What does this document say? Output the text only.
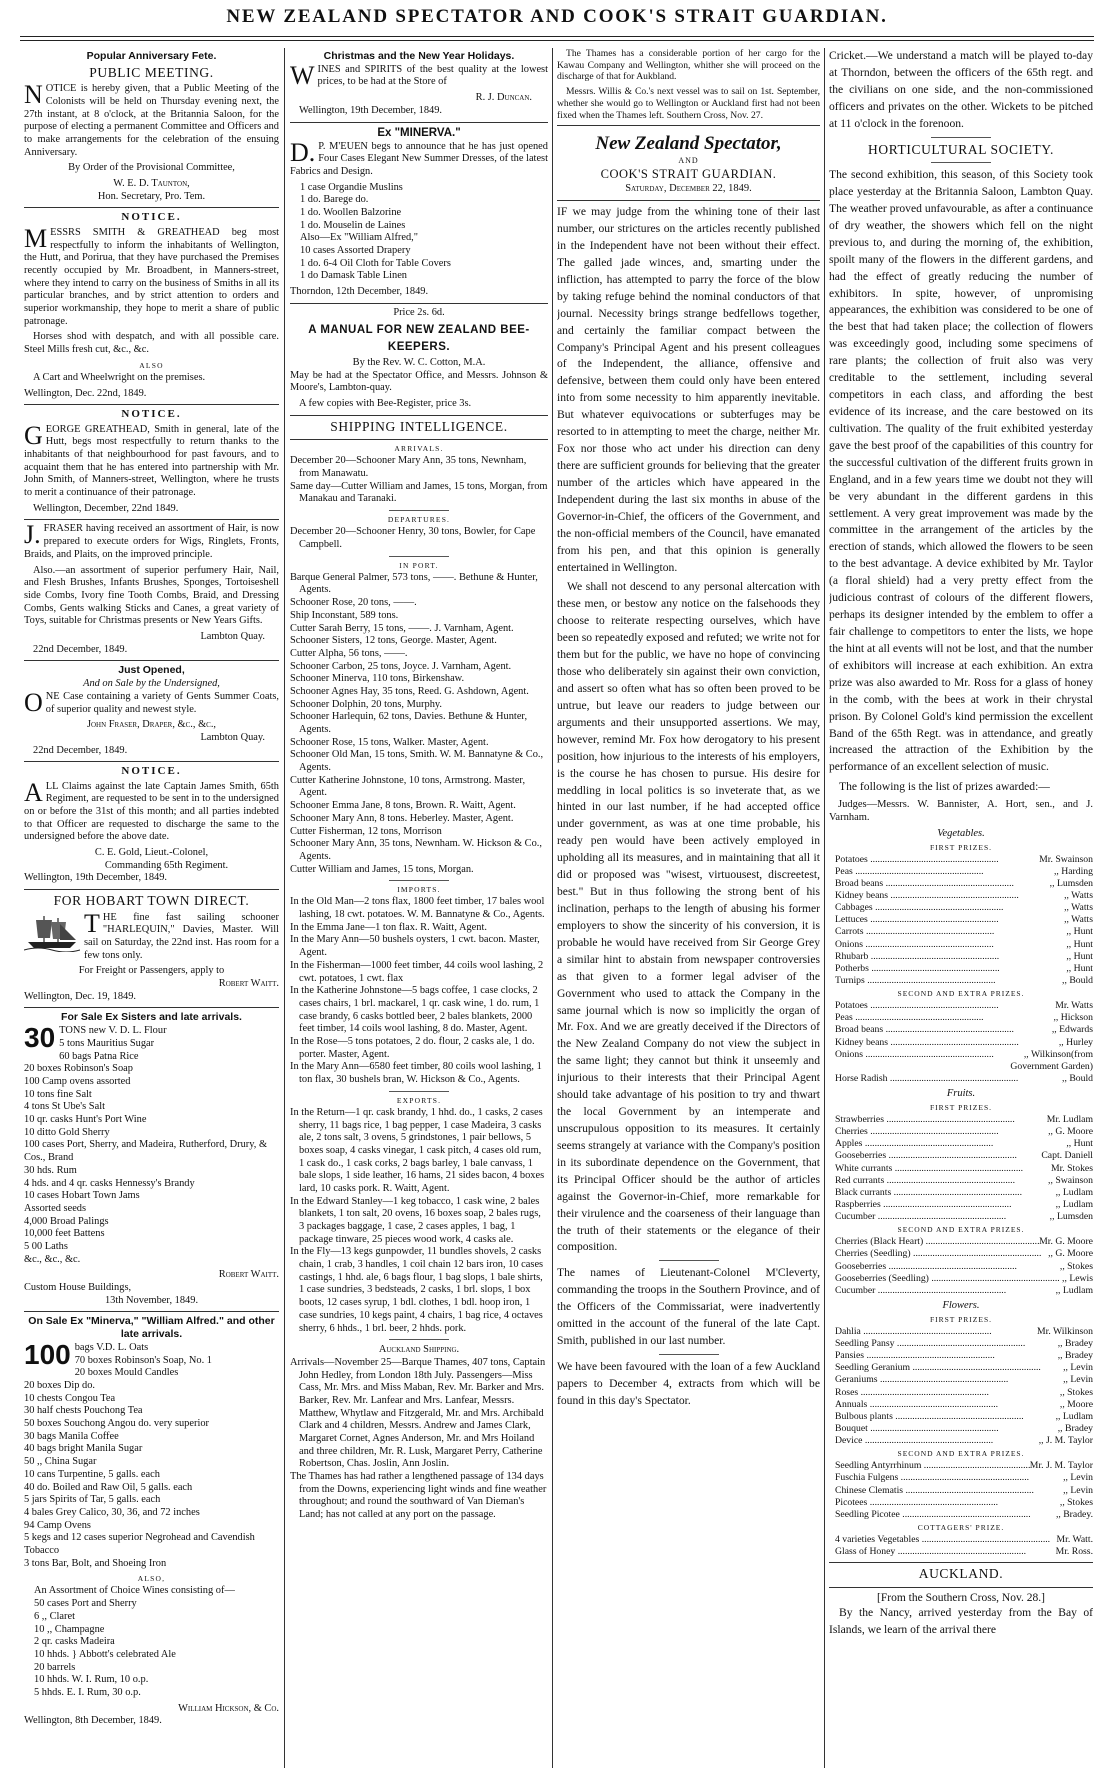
NEW ZEALAND SPECTATOR AND COOK'S STRAIT GUARDIAN.
Popular Anniversary Fete.
PUBLIC MEETING.

NOTICE is hereby given, that a Public Meeting of the Colonists will be held on Thursday evening next, the 27th instant, at 8 o'clock, at the Britannia Saloon, for the purpose of electing a permanent Committee and Officers and to make arrangements for the celebration of the ensuing Anniversary.

By Order of the Provisional Committee,

W. E. D. Taunton,
Hon. Secretary, Pro. Tem.
NOTICE.

MESSRS SMITH & GREATHEAD beg most respectfully to inform the inhabitants of Wellington, the Hutt, and Porirua, that they have purchased the Premises recently occupied by Mr. Broadbent, in Manners-street, where they intend to carry on the business of Smiths in all its particular branches, and by strict attention to orders and superior workmanship, they hope to merit a share of public patronage.

Horses shod with despatch, and with all possible care. Steel Mills fresh cut, &c., &c.

ALSO

A Cart and Wheelwright on the premises.

Wellington, Dec. 22nd, 1849.

NOTICE.

GEORGE GREATHEAD, Smith in general, late of the Hutt, begs most respectfully to return thanks to the inhabitants of that neighbourhood for past favours, and to acquaint them that he has entered into partnership with Mr. John Smith, of Manners-street, Wellington, where he trusts to merit a continuance of their patronage.

Wellington, December, 22nd 1849.

J. FRASER having received an assortment of Hair, is now prepared to execute orders for Wigs, Ringlets, Fronts, Braids, and Plaits, on the improved principle.

Also.—an assortment of superior perfumery Hair, Nail, and Flesh Brushes, Infants Brushes, Sponges, Tortoiseshell side Combs, Ivory fine Tooth Combs, Braid, and Dressing Combs, Gents walking Sticks and Canes, a great variety of Toys, suitable for Christmas presents or New Years Gifts.

Lambton Quay.

22nd December, 1849.

Just Opened,
And on Sale by the Undersigned,

ONE Case containing a variety of Gents Summer Coats, of superior quality and newest style.

John Fraser, Draper, &c., &c.,
Lambton Quay.

22nd December, 1849.

NOTICE.

ALL Claims against the late Captain James Smith, 65th Regiment, are requested to be sent in to the undersigned on or before the 31st of this month; and all parties indebted to that Officer are requested to discharge the same to the undersigned before the above date.

C. E. Gold, Lieut.-Colonel,
Commanding 65th Regiment.

Wellington, 19th December, 1849.

FOR HOBART TOWN DIRECT.

THE fine fast sailing schooner "HARLEQUIN," Davies, Master. Will sail on Saturday, the 22nd inst. Has room for a few tons only.

For Freight or Passengers, apply to
Robert Waitt.

Wellington, Dec. 19, 1849.

For Sale Ex Sisters and late arrivals.
30 TONS new V. D. L. Flour
5 tons Mauritius Sugar
60 bags Patna Rice
20 boxes Robinson's Soap
100 Camp ovens assorted
10 tons fine Salt
4 tons St Ube's Salt
10 qr. casks Hunt's Port Wine
10 ditto Gold Sherry
100 cases Port, Sherry, and Madeira, Rutherford, Drury, & Cos., Brand
30 hds. Rum
4 hds. and 4 qr. casks Hennessy's Brandy
10 cases Hobart Town Jams
Assorted seeds
4,000 Broad Palings
10,000 feet Battens
5 00 Laths
&c., &c., &c.
Robert Waitt.
Custom House Buildings,
13th November, 1849.
On Sale Ex "Minerva," "William Alfred." and other late arrivals.
100 bags V.D. L. Oats
70 boxes Robinson's Soap, No. 1
20 boxes Mould Candles
20 boxes Dip do.
10 chests Congou Tea
30 half chests Pouchong Tea
50 boxes Souchong Angou do. very superior
30 bags Manila Coffee
40 bags bright Manila Sugar
50 ,, China Sugar
10 cans Turpentine, 5 galls. each
40 do. Boiled and Raw Oil, 5 galls. each
5 jars Spirits of Tar, 5 galls. each
4 bales Grey Calico, 30, 36, and 72 inches
94 Camp Ovens
5 kegs and 12 cases superior Negrohead and Cavendish Tobacco
3 tons Bar, Bolt, and Shoeing Iron
ALSO,
An Assortment of Choice Wines consisting of—
50 cases Port and Sherry
6 ,, Claret
10 ,, Champagne
2 qr. casks Madeira
10 hhds. } Abbott's celebrated Ale
20 barrels
10 hhds. W. I. Rum, 10 o.p.
5 hhds. E. I. Rum, 30 o.p.
William Hickson, & Co.
Wellington, 8th December, 1849.
Christmas and the New Year Holidays.

WINES and SPIRITS of the best quality at the lowest prices, to be had at the Store of

R. J. Duncan.

Wellington, 19th December, 1849.

Ex "MINERVA."

D. P. M'EUEN begs to announce that he has just opened Four Cases Elegant New Summer Dresses, of the latest Fabrics and Design.

1 case Organdie Muslins
1 do. Barege do.
1 do. Woollen Balzorine
1 do. Mouselin de Laines
Also—Ex "William Alfred,"
10 cases Assorted Drapery
1 do. 6-4 Oil Cloth for Table Covers
1 do Damask Table Linen
Thorndon, 12th December, 1849.
Price 2s. 6d.
A MANUAL FOR NEW ZEALAND BEE-KEEPERS.
By the Rev. W. C. Cotton, M.A.

May be had at the Spectator Office, and Messrs. Johnson & Moore's, Lambton-quay.

A few copies with Bee-Register, price 3s.

SHIPPING INTELLIGENCE.
ARRIVALS.
December 20—Schooner Mary Ann, 35 tons, Newnham, from Manawatu.
Same day—Cutter William and James, 15 tons, Morgan, from Manakau and Taranaki.
DEPARTURES.
December 20—Schooner Henry, 30 tons, Bowler, for Cape Campbell.
IN PORT.
Barque General Palmer, 573 tons, ——. Bethune & Hunter, Agents.
Schooner Rose, 20 tons, ——.
Ship Inconstant, 589 tons.
Cutter Sarah Berry, 15 tons, ——. J. Varnham, Agent.
Schooner Sisters, 12 tons, George. Master, Agent.
Cutter Alpha, 56 tons, ——.
Schooner Carbon, 25 tons, Joyce. J. Varnham, Agent.
Schooner Minerva, 110 tons, Birkenshaw.
Schooner Agnes Hay, 35 tons, Reed. G. Ashdown, Agent.
Schooner Dolphin, 20 tons, Murphy.
Schooner Harlequin, 62 tons, Davies. Bethune & Hunter, Agents.
Schooner Rose, 15 tons, Walker. Master, Agent.
Schooner Old Man, 15 tons, Smith. W. M. Bannatyne & Co., Agents.
Cutter Katherine Johnstone, 10 tons, Armstrong. Master, Agent.
Schooner Emma Jane, 8 tons, Brown. R. Waitt, Agent.
Schooner Mary Ann, 8 tons. Heberley. Master, Agent.
Cutter Fisherman, 12 tons, Morrison
Schooner Mary Ann, 35 tons, Newnham. W. Hickson & Co., Agents.
Cutter William and James, 15 tons, Morgan.
IMPORTS.
In the Old Man—2 tons flax, 1800 feet timber, 17 bales wool lashing, 18 cwt. potatoes. W. M. Bannatyne & Co., Agents.
In the Emma Jane—1 ton flax. R. Waitt, Agent.
In the Mary Ann—50 bushels oysters, 1 cwt. bacon. Master, Agent.
In the Fisherman—1000 feet timber, 44 coils wool lashing, 2 cwt. potatoes, 1 cwt. flax
In the Katherine Johnstone—5 bags coffee, 1 case clocks, 2 cases chairs, 1 brl. mackarel, 1 qr. cask wine, 1 do. rum, 1 case brandy, 6 casks bottled beer, 2 bales blankets, 2000 feet timber, 14 coils wool lashing, 8 do. Master, Agent.
In the Rose—5 tons potatoes, 2 do. flour, 2 casks ale, 1 do. porter. Master, Agent.
In the Mary Ann—6580 feet timber, 80 coils wool lashing, 1 ton flax, 30 bushels bran, W. Hickson & Co., Agents.
EXPORTS.
In the Return—1 qr. cask brandy, 1 hhd. do., 1 casks, 2 cases sherry, 11 bags rice, 1 bag pepper, 1 case Madeira, 3 casks ale, 2 tons salt, 3 ovens, 5 grindstones, 1 pair bellows, 5 boxes soap, 4 casks vinegar, 1 cask pitch, 4 cases old rum, 1 cask do., 1 cask corks, 2 bags barley, 1 bale canvass, 1 bale slops, 1 side leather, 16 hams, 21 sides bacon, 4 boxes lard, 10 casks pork. R. Waitt, Agent.
In the Edward Stanley—1 keg tobacco, 1 cask wine, 2 bales blankets, 1 ton salt, 20 ovens, 16 boxes soap, 2 bales rugs, 3 packages baggage, 1 case, 2 cases apples, 1 bag, 1 package tinware, 25 pieces wood work, 4 casks ale.
In the Fly—13 kegs gunpowder, 11 bundles shovels, 2 casks chain, 1 crab, 3 handles, 1 coil chain 12 bars iron, 10 cases castings, 1 hhd. ale, 6 bags flour, 1 bag slops, 1 bale shirts, 1 case sundries, 3 bedsteads, 2 casks, 1 brl. slops, 1 box boots, 12 cases syrup, 1 bdl. clothes, 1 bdl. hoop iron, 1 case sundries, 10 kegs paint, 4 chairs, 1 bag rice, 4 octaves sherry, 6 hhds., 1 brl. beer, 2 hhds. pork.
Auckland Shipping.
Arrivals—November 25—Barque Thames, 407 tons, Captain John Hedley, from London 18th July. Passengers—Miss Cass, Mr. Mrs. and Miss Maban, Rev. Mr. Barker and Mrs. Barker, Rev. Mr. Lanfear and Mrs. Lanfear, Messrs. Matthew, Whytlaw and Fitzgerald, Mr. and Mrs. Archibald Clark and 4 children, Messrs. Andrew and James Clark, Margaret Cornet, Agnes Anderson, Mr. and Mrs Hoiland and three children, Mr. R. Lusk, Margaret Perry, Catherine Robertson, Chas. Joslin, Ann Joslin.
The Thames has had rather a lengthened passage of 134 days from the Downs, experiencing light winds and fine weather throughout; and round the southward of Van Dieman's Land; has not called at any port on the passage.

The Thames has a considerable portion of her cargo for the Kawau Company and Wellington, whither she will proceed on the discharge of that for Aukbland.

Messrs. Willis & Co.'s next vessel was to sail on 1st. September, whether she would go to Wellington or Auckland first had not been fixed when the Thames left. Southern Cross, Nov. 27.

New Zealand Spectator,
AND
COOK'S STRAIT GUARDIAN.
Saturday, December 22, 1849.

IF we may judge from the whining tone of their last number, our strictures on the articles recently published in the Independent have not been without their effect. The galled jade winces, and, smarting under the infliction, has attempted to parry the force of the blow by taking refuge behind the nominal conductors of that journal. Necessity brings strange bedfellows together, and certainly the familiar compact between the Company's Principal Agent and his present colleagues of the Independent, the alliance, offensive and defensive, between them could only have been entered into from some necessity to him apparently inevitable. But whatever equivocations or subterfuges may be resorted to in attempting to meet the charge, neither Mr. Fox nor those who act under his direction can deny there are sufficient grounds for believing that the greater number of the articles which have appeared in the Independent during the last six months in abuse of the Governor-in-Chief, the officers of the Government, and the non-official members of the Council, have emanated from his pen, and that this opinion is generally entertained in Wellington.

We shall not descend to any personal altercation with these men, or bestow any notice on the falsehoods they choose to reiterate respecting ourselves, which have been so repeatedly exposed and refuted; we write not for them but for the public, we have no hope of convincing those who deliberately sin against their own conviction, and assert so often what has so often been proved to be untrue, but leave our readers to judge between our arguments and their unsupported assertions. We may, however, remind Mr. Fox how derogatory to his present position, how injurious to the interests of his employers, is the course he has chosen to pursue. His desire for meddling in local politics is so inveterate that, as we hinted in our last number, if he had accepted office under government, as was at one time probable, his ready pen would have been actively employed in upholding all its measures, and in maintaining that all it did or proposed was "wisest, virtuousest, discreetest, best." But in thus following the strong bent of his inclination, perhaps to the length of abusing his former employers to show the sincerity of his conversion, it is probable he would have received from Sir George Grey a similar hint to abstain from newspaper controversies as that given to a former legal adviser of the Government who used to attack the Company in the same journal which is now so implicitly the organ of Mr. Fox. And we are greatly deceived if the Directors of the New Zealand Company do not view the subject in the same light; they cannot but think it unseemly and injurious to their interests that their Principal Agent should take advantage of his position to try and thwart the local Government by an intemperate and unscrupulous opposition to its measures. It certainly seems strangely at variance with the Company's position in its subordinate dependence on the Government, that its Principal Officer should be the author of articles against the Governor-in-Chief, more remarkable for their virulence and the coarseness of their language than the truth of their statements or the elegance of their composition.

The names of Lieutenant-Colonel M'Cleverty, commanding the troops in the Southern Province, and of the Officers of the Commissariat, were inadvertently omitted in the account of the funeral of the late Capt. Smith, published in our last number.

We have been favoured with the loan of a few Auckland papers to December 4, extracts from which will be found in this day's Spectator.

Cricket.—We understand a match will be played to-day at Thorndon, between the officers of the 65th regt. and the civilians on one side, and the non-commissioned officers and privates on the other. Wickets to be pitched at 11 o'clock in the forenoon.

HORTICULTURAL SOCIETY.

The second exhibition, this season, of this Society took place yesterday at the Britannia Saloon, Lambton Quay. The weather proved unfavourable, as after a continuance of dry weather, the showers which fell on the night previous to, and during the morning of, the exhibition, spoilt many of the flowers in the different gardens, and had the effect of greatly reducing the number of exhibitors. In spite, however, of unpromising appearances, the exhibition was considered to be one of the best that had taken place; the collection of flowers was exceedingly good, including some specimens of rare plants; the collection of fruit also was very creditable to the settlement, including several competitors in each class, and affording the best evidence of its increase, and the care bestowed on its cultivation. The quality of the fruit exhibited yesterday gave the best proof of the capabilities of this country for the successful cultivation of the different fruits grown in England, and in a few years time we doubt not they will be very abundant in the different gardens in this settlement. A very great improvement was made by the committee in the arrangement of the articles by the erection of stands, which allowed the flowers to be seen to the best advantage. A device exhibited by Mr. Taylor (a floral shield) had a very pretty effect from the judicious contrast of colours of the different flowers, perhaps its designer intended by the emblem to offer a fair challenge to competitors to enter the lists, we hope the hint at all events will not be lost, and that the number of exhibitors will increase at each exhibition. An extra prize was also awarded to Mr. Ross for a glass of honey in the comb, with the bees at work in their chrystal prison. By Colonel Gold's kind permission the excellent Band of the 65th Regt. was in attendance, and greatly increased the attraction of the Exhibition by the performance of an excellent selection of music.

The following is the list of prizes awarded:—

Judges—Messrs. W. Bannister, A. Hort, sen., and J. Varnham.

Vegetables.
FIRST PRIZES.
Potatoes .....	Mr. Swainson
Peas .....	,, Harding
Broad beans .....	,, Lumsden
Kidney beans .....	,, Watts
Cabbages .....	,, Watts
Lettuces .....	,, Watts
Carrots .....	,, Hunt
Onions .....	,, Hunt
Rhubarb .....	,, Hunt
Potherbs .....	,, Hunt
Turnips .....	,, Bould
SECOND AND EXTRA PRIZES.
Potatoes .....	Mr. Watts
Peas .....	,, Hickson
Broad beans .....	,, Edwards
Kidney beans .....	,, Hurley
Onions .....	,, Wilkinson(from
Government Garden)
Horse Radish .....	,, Bould
Fruits.
FIRST PRIZES.
Strawberries .....	Mr. Ludlam
Cherries .....	,, G. Moore
Apples .....	,, Hunt
Gooseberries .....	Capt. Daniell
White currants .....	Mr. Stokes
Red currants .....	,, Swainson
Black currants .....	,, Ludlam
Raspberries .....	,, Ludlam
Cucumber .....	,, Lumsden
SECOND AND EXTRA PRIZES.
Cherries (Black Heart) .....	Mr. G. Moore
Cherries (Seedling) .....	,, G. Moore
Gooseberries .....	,, Stokes
Gooseberries (Seedling) .....	,, Lewis
Cucumber .....	,, Ludlam
Flowers.
FIRST PRIZES.
Dahlia .....	Mr. Wilkinson
Seedling Pansy .....	,, Bradey
Pansies .....	,, Bradey
Seedling Geranium .....	,, Levin
Geraniums .....	,, Levin
Roses .....	,, Stokes
Annuals .....	,, Moore
Bulbous plants .....	,, Ludlam
Bouquet .....	,, Bradey
Device .....	,, J. M. Taylor
SECOND AND EXTRA PRIZES.
Seedling Antyrrhinum .....	Mr. J. M. Taylor
Fuschia Fulgens .....	,, Levin
Chinese Clematis .....	,, Levin
Picotees .....	,, Stokes
Seedling Picotee .....	,, Bradey.
COTTAGERS' PRIZE.
4 varieties Vegetables .....	Mr. Watt.
Glass of Honey .....	Mr. Ross.
AUCKLAND.
[From the Southern Cross, Nov. 28.]

By the Nancy, arrived yesterday from the Bay of Islands, we learn of the arrival there
